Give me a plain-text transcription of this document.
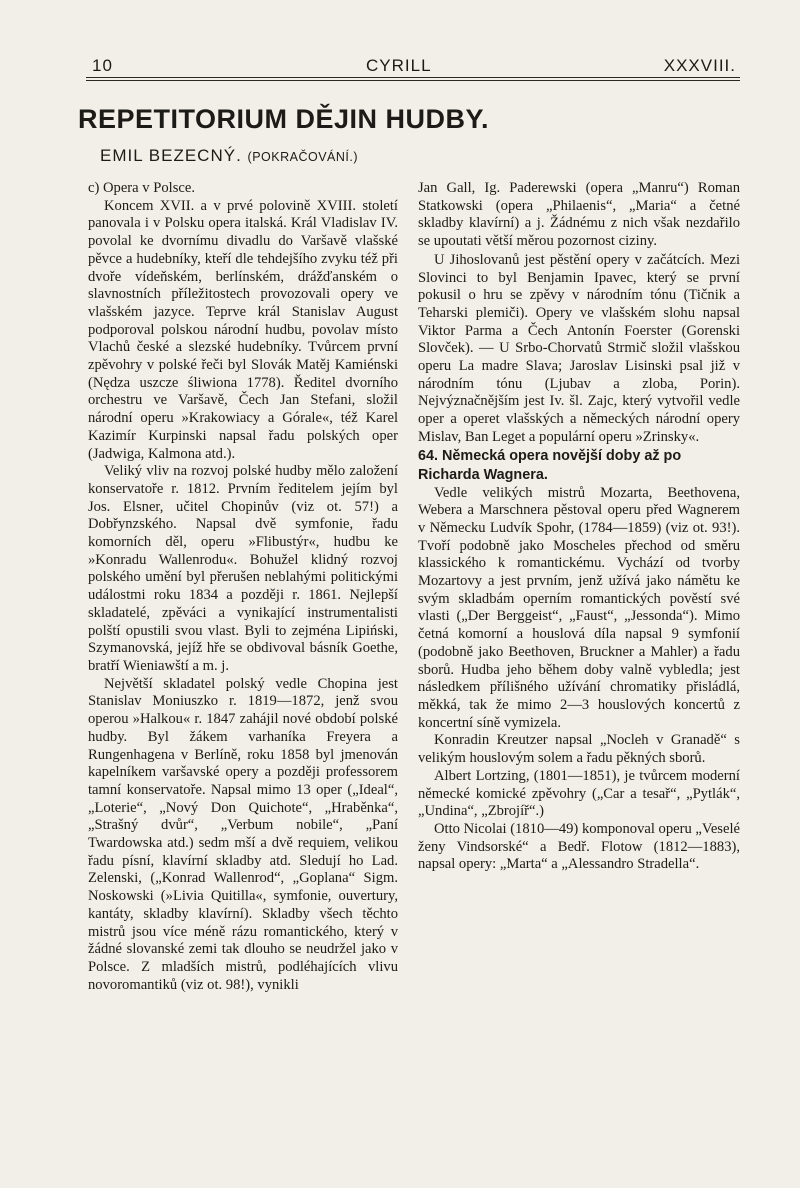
10	CYRILL	XXXVIII.
REPETITORIUM DĚJIN HUDBY.
EMIL BEZECNÝ. (POKRAČOVÁNÍ.)

c) Opera v Polsce.

Koncem XVII. a v prvé polovině XVIII. století panovala i v Polsku opera italská. Král Vladislav IV. povolal ke dvornímu divadlu do Varšavě vlašské pěvce a hudebníky, kteří dle tehdejšího zvyku též při dvoře vídeňském, berlínském, drážďanském o slavnostních příležitostech provozovali opery ve vlašském jazyce. Teprve král Stanislav August podporoval polskou národní hudbu, povolav místo Vlachů české a slezské hudebníky. Tvůrcem první zpěvohry v polské řeči byl Slovák Matěj Kamiénski (Nędza uszcze śliwiona 1778). Ředitel dvorního orchestru ve Varšavě, Čech Jan Stefani, složil národní operu »Krakowiacy a Górale«, též Karel Kazimír Kurpinski napsal řadu polských oper (Jadwiga, Kalmona atd.).

Veliký vliv na rozvoj polské hudby mělo založení konservatoře r. 1812. Prvním ředitelem jejím byl Jos. Elsner, učitel Chopinův (viz ot. 57!) a Dobřynzského. Napsal dvě symfonie, řadu komorních děl, operu »Flibustýr«, hudbu ke »Konradu Wallenrodu«. Bohužel klidný rozvoj polského umění byl přerušen neblahými politickými událostmi roku 1834 a později r. 1861. Nejlepší skladatelé, zpěváci a vynikající instrumentalisti polští opustili svou vlast. Byli to zejména Lipiński, Szymanovská, jejíž hře se obdivoval básník Goethe, bratří Wieniawští a m. j.

Největší skladatel polský vedle Chopina jest Stanislav Moniuszko r. 1819—1872, jenž svou operou »Halkou« r. 1847 zahájil nové období polské hudby. Byl žákem varhaníka Freyera a Rungenhagena v Berlíně, roku 1858 byl jmenován kapelníkem varšavské opery a později professorem tamní konservatoře. Napsal mimo 13 oper („Ideal“, „Loterie“, „Nový Don Quichote“, „Hraběnka“, „Strašný dvůr“, „Verbum nobile“, „Paní Twardowska atd.) sedm mší a dvě requiem, velikou řadu písní, klavírní skladby atd. Sledují ho Lad. Zelenski, („Konrad Wallenrod“, „Goplana“ Sigm. Noskowski (»Livia Quitilla«, symfonie, ouvertury, kantáty, skladby klavírní). Skladby všech těchto mistrů jsou více méně rázu romantického, který v žádné slovanské zemi tak dlouho se neudržel jako v Polsce. Z mladších mistrů, podléhajících vlivu novoromantiků (viz ot. 98!), vynikli

Jan Gall, Ig. Paderewski (opera „Manru“) Roman Statkowski (opera „Philaenis“, „Maria“ a četné skladby klavírní) a j. Žádnému z nich však nezdařilo se upoutati větší měrou pozornost ciziny.

U Jihoslovanů jest pěstění opery v začátcích. Mezi Slovinci to byl Benjamin Ipavec, který se první pokusil o hru se zpěvy v národním tónu (Tičnik a Teharski plemiči). Opery ve vlašském slohu napsal Viktor Parma a Čech Antonín Foerster (Gorenski Slovček). — U Srbo-Chorvatů Strmič složil vlašskou operu La madre Slava; Jaroslav Lisinski psal již v národním tónu (Ljubav a zloba, Porin). Nejvýznačnějším jest Iv. šl. Zajc, který vytvořil vedle oper a operet vlašských a německých národní opery Mislav, Ban Leget a populární operu »Zrinsky«.

64. Německá opera novější doby až po Richarda Wagnera.

Vedle velikých mistrů Mozarta, Beethovena, Webera a Marschnera pěstoval operu před Wagnerem v Německu Ludvík Spohr, (1784—1859) (viz ot. 93!). Tvoří podobně jako Moscheles přechod od směru klassického k romantickému. Vychází od tvorby Mozartovy a jest prvním, jenž užívá jako námětu ke svým skladbám operním romantických pověstí své vlasti („Der Berggeist“, „Faust“, „Jessonda“). Mimo četná komorní a houslová díla napsal 9 symfonií (podobně jako Beethoven, Bruckner a Mahler) a řadu sborů. Hudba jeho během doby valně vybledla; jest následkem přílišného užívání chromatiky přisládlá, měkká, tak že mimo 2—3 houslových koncertů z koncertní síně vymizela.

Konradin Kreutzer napsal „Nocleh v Granadě“ s velikým houslovým solem a řadu pěkných sborů.

Albert Lortzing, (1801—1851), je tvůrcem moderní německé komické zpěvohry („Car a tesař“, „Pytlák“, „Undina“, „Zbrojíř“.)

Otto Nicolai (1810—49) komponoval operu „Veselé ženy Vindsorské“ a Bedř. Flotow (1812—1883), napsal opery: „Marta“ a „Alessandro Stradella“.
